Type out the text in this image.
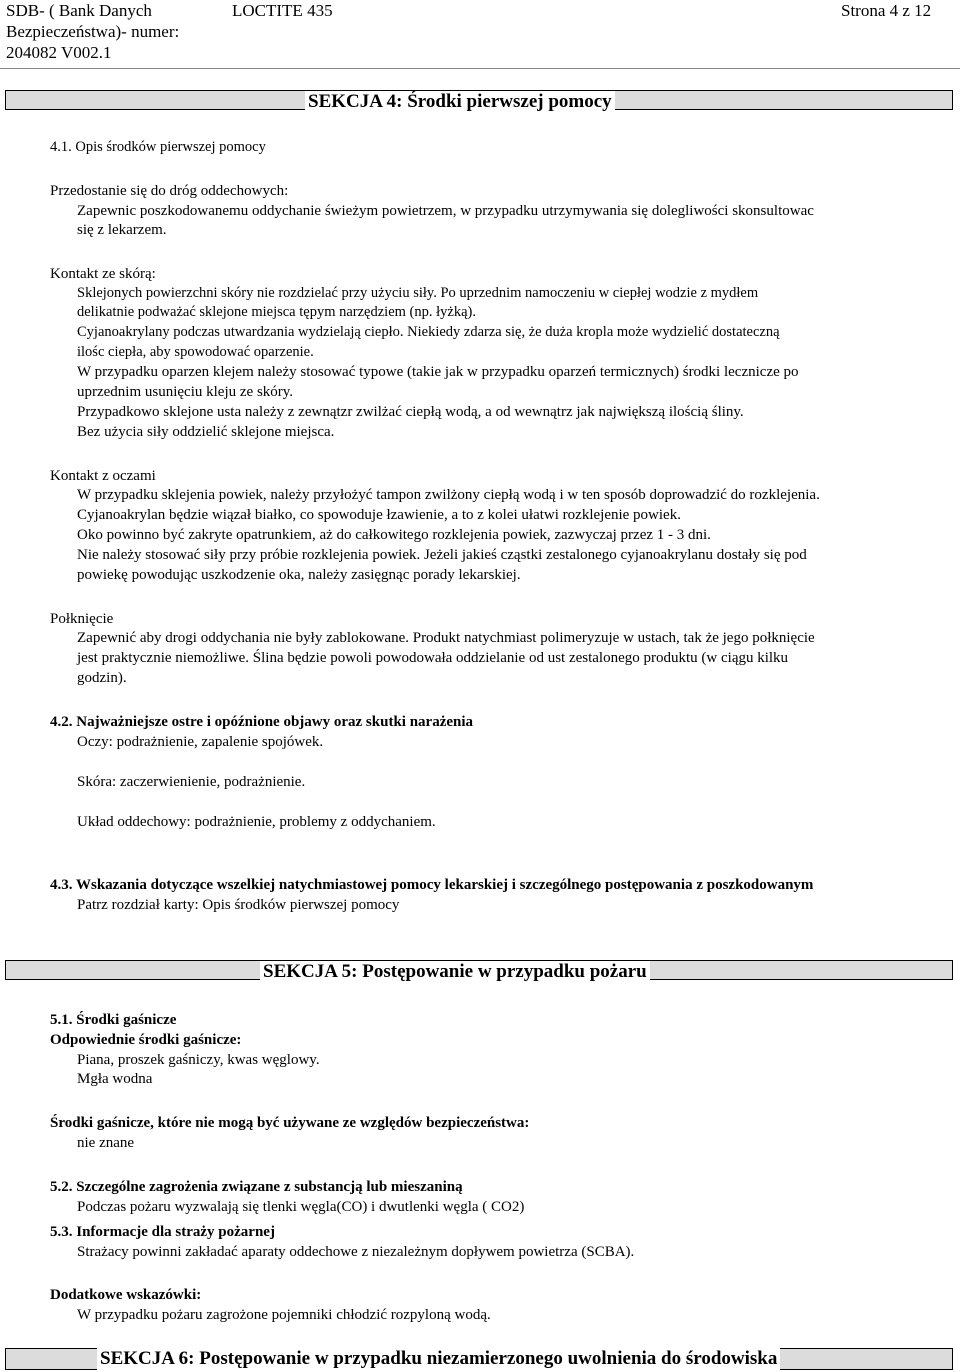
SDB- ( Bank Danych	LOCTITE 435	Strona 4 z 12
Bezpieczeństwa)- numer:
204082 V002.1
SEKCJA 4: Środki pierwszej pomocy
4.1. Opis środków pierwszej pomocy
Przedostanie się do dróg oddechowych:
Zapewnic poszkodowanemu oddychanie świeżym powietrzem, w przypadku utrzymywania się dolegliwości skonsultowac
się z lekarzem.
Kontakt ze skórą:
Sklejonych powierzchni skóry nie rozdzielać przy użyciu siły. Po uprzednim namoczeniu w ciepłej wodzie z mydłem
delikatnie podważać sklejone miejsca tępym narzędziem (np. łyżką).
Cyjanoakrylany podczas utwardzania wydzielają ciepło. Niekiedy zdarza się, że duża kropla może wydzielić dostateczną
ilośc ciepła, aby spowodować oparzenie.
W przypadku oparzen klejem należy stosować typowe (takie jak w przypadku oparzeń termicznych) środki lecznicze po
uprzednim usunięciu kleju ze skóry.
Przypadkowo sklejone usta należy z zewnątzr zwilżać ciepłą wodą, a od wewnątrz jak największą ilością śliny.
Bez użycia siły oddzielić sklejone miejsca.
Kontakt z oczami
W przypadku sklejenia powiek, należy przyłożyć tampon zwilżony ciepłą wodą i w ten sposób doprowadzić do rozklejenia.
Cyjanoakrylan będzie wiązał białko, co spowoduje łzawienie, a to z kolei ułatwi rozklejenie powiek.
Oko powinno być zakryte opatrunkiem, aż do całkowitego rozklejenia powiek, zazwyczaj przez 1 - 3 dni.
Nie należy stosować siły przy próbie rozklejenia powiek. Jeżeli jakieś cząstki zestalonego cyjanoakrylanu dostały się pod
powiekę powodując uszkodzenie oka, należy zasięgnąc porady lekarskiej.
Połknięcie
Zapewnić aby drogi oddychania nie były zablokowane. Produkt natychmiast polimeryzuje w ustach, tak że jego połknięcie
jest praktycznie niemożliwe. Ślina będzie powoli powodowała oddzielanie od ust zestalonego produktu (w ciągu kilku
godzin).
4.2. Najważniejsze ostre i opóźnione objawy oraz skutki narażenia
Oczy: podrażnienie, zapalenie spojówek.
Skóra: zaczerwienienie, podrażnienie.
Układ oddechowy: podrażnienie, problemy z oddychaniem.
4.3. Wskazania dotyczące wszelkiej natychmiastowej pomocy lekarskiej i szczególnego postępowania z poszkodowanym
Patrz rozdział karty: Opis środków pierwszej pomocy
SEKCJA 5: Postępowanie w przypadku pożaru
5.1. Środki gaśnicze
Odpowiednie środki gaśnicze:
Piana, proszek gaśniczy, kwas węglowy.
Mgła wodna
Środki gaśnicze, które nie mogą być używane ze względów bezpieczeństwa:
nie znane
5.2. Szczególne zagrożenia związane z substancją lub mieszaniną
Podczas pożaru wyzwalają się tlenki węgla(CO) i dwutlenki węgla ( CO2)
5.3. Informacje dla straży pożarnej
Strażacy powinni zakładać aparaty oddechowe z niezależnym dopływem powietrza (SCBA).
Dodatkowe wskazówki:
W przypadku pożaru zagrożone pojemniki chłodzić rozpyloną wodą.
SEKCJA 6: Postępowanie w przypadku niezamierzonego uwolnienia do środowiska
